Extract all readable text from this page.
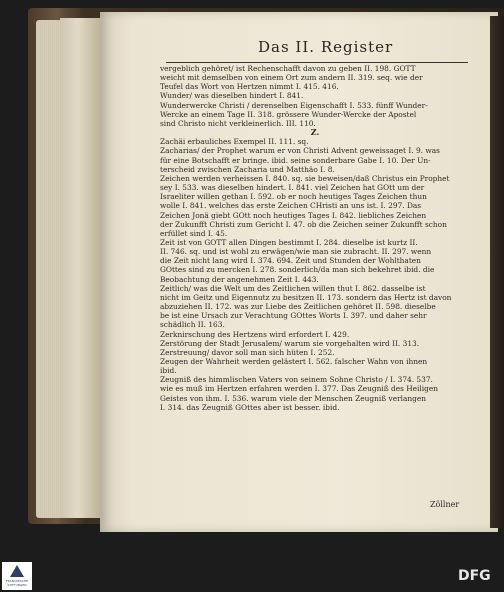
Das II. Register
vergeblich gehöret/ ist Rechenschafft davon zu geben II. 198. GOTT
weicht mit demselben von einem Ort zum andern II. 319. seq. wie der
Teufel das Wort von Hertzen nimmt I. 415. 416.
Wunder/ was dieselben hindert I. 841.
Wunderwercke Christi / derenselben Eigenschafft I. 533. fünff Wunder-
Wercke an einem Tage II. 318. grössere Wunder-Wercke der Apostel
sind Christo nicht verkleinerlich. III. 110.
Z.
Zachäi erbauliches Exempel II. 111. sq.
Zacharias/ der Prophet warum er von Christi Advent geweissaget I. 9. was
für eine Botschafft er bringe. ibid. seine sonderbare Gabe I. 10. Der Un-
terscheid zwischen Zacharia und Matthäo I. 8.
Zeichen werden verheissen I. 840. sq. sie beweisen/daß Christus ein Prophet
sey I. 533. was dieselben hindert. I. 841. viel Zeichen hat GOtt um der
Israeliter willen gethan I. 592. ob er noch heutiges Tages Zeichen thun
wolle I. 841. welches das erste Zeichen CHristi an uns ist. I. 297. Das
Zeichen Jonä giebt GOtt noch heutiges Tages I. 842. liebliches Zeichen
der Zukunfft Christi zum Gericht I. 47. ob die Zeichen seiner Zukunfft schon
erfüllet sind I. 45.
Zeit ist von GOTT allen Dingen bestimmt I. 284. dieselbe ist kurtz II.
II. 746. sq. und ist wohl zu erwägen/wie man sie zubracht. II. 297. wenn
die Zeit nicht lang wird I. 374. 694. Zeit und Stunden der Wohlthaten
GOttes sind zu mercken I. 278. sonderlich/da man sich bekehret ibid. die
Beobachtung der angenehmen Zeit I. 443.
Zeitlich/ was die Welt um des Zeitlichen willen thut I. 862. dasselbe ist
nicht im Geitz und Eigennutz zu besitzen II. 173. sondern das Hertz ist davon
abzuziehen II. 172. was zur Liebe des Zeitlichen gehöret II. 598. dieselbe
be ist eine Ursach zur Verachtung GOttes Worts I. 397. und daher sehr
schädlich II. 163.
Zerknirschung des Hertzens wird erfordert I. 429.
Zerstörung der Stadt Jerusalem/ warum sie vorgehalten wird II. 313.
Zerstreuung/ davor soll man sich hüten I. 252.
Zeugen der Wahrheit werden gelästert I. 562. falscher Wahn von ihnen
ibid.
Zeugniß des himmlischen Vaters von seinem Sohne Christo / I. 374. 537.
wie es muß im Hertzen erfahren werden I. 377. Das Zeugniß des Heiligen
Geistes von ihm. I. 536. warum viele der Menschen Zeugniß verlangen
I. 314. das Zeugniß GOttes aber ist besser. ibid.
Zöllner
FRANCKESCHE STIFTUNGEN
DFG
